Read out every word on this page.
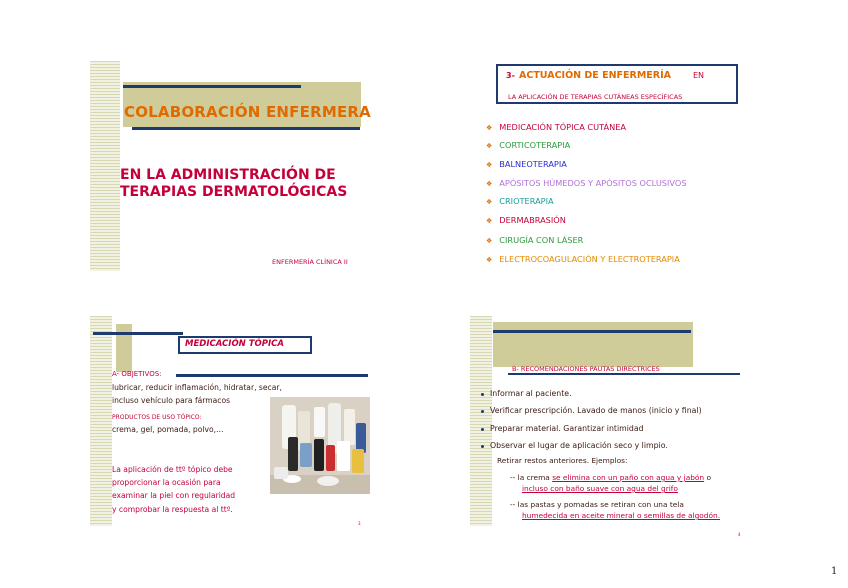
COLABORACIÓN ENFERMERA
EN LA ADMINISTRACIÓN DE
TERAPIAS DERMATOLÓGICAS
ENFERMERÍA CLÍNICA II
3- ACTUACIÓN DE ENFERMERÍA	EN
LA APLICACIÓN DE TERAPIAS CUTÁNEAS ESPECÍFICAS
❖ MEDICACIÓN TÓPICA CUTÁNEA
❖ CORTICOTERAPIA
❖ BALNEOTERAPIA
❖ APÓSITOS HÚMEDOS Y APÓSITOS OCLUSIVOS
❖ CRIOTERAPIA
❖ DERMABRASIÓN
❖ CIRUGÍA CON LÁSER
❖ ELECTROCOAGULACIÓN Y ELECTROTERAPIA
MEDICACIÓN TÓPICA
A- OBJETIVOS:
lubricar, reducir inflamación, hidratar, secar,
incluso vehículo para fármacos
PRODUCTOS DE USO TÓPICO:
crema, gel, pomada, polvo,…
La aplicación de ttº tópico debe
proporcionar la ocasión para
examinar la piel con regularidad
y comprobar la respuesta al ttº.
3
B- RECOMENDACIONES PAUTAS DIRECTRICES
Informar al paciente.
Verificar prescripción. Lavado de manos (inicio y final)
Preparar material. Garantizar intimidad
Observar el lugar de aplicación seco y limpio.
Retirar restos anteriores. Ejemplos:
-- la crema se elimina con un paño con agua y jabón o
incluso con baño suave con agua del grifo
-- las pastas y pomadas se retiran con una tela
humedecida en aceite mineral o semillas de algodón.
4
1
